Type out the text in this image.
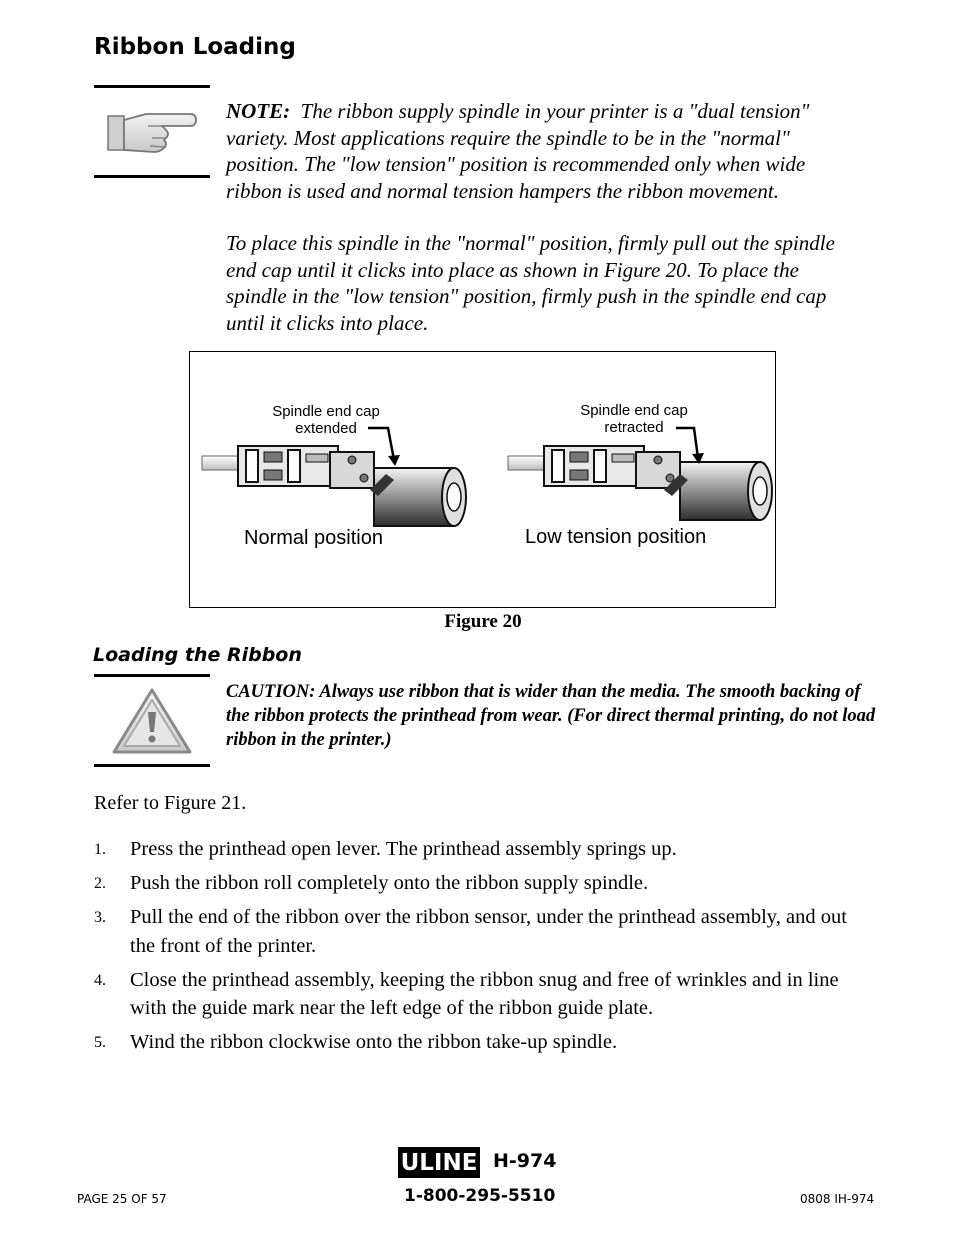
Ribbon Loading

NOTE: The ribbon supply spindle in your printer is a "dual tension" variety. Most applications require the spindle to be in the "normal" position. The "low tension" position is recommended only when wide ribbon is used and normal tension hampers the ribbon movement.

To place this spindle in the "normal" position, firmly pull out the spindle end cap until it clicks into place as shown in Figure 20. To place the spindle in the "low tension" position, firmly push in the spindle end cap until it clicks into place.

Spindle end cap
extended
Spindle end cap
retracted
Normal position	Low tension position
Figure 20
Loading the Ribbon
CAUTION: Always use ribbon that is wider than the media. The smooth backing of the ribbon protects the printhead from wear. (For direct thermal printing, do not load ribbon in the printer.)
Refer to Figure 21.
1. Press the printhead open lever. The printhead assembly springs up.
2. Push the ribbon roll completely onto the ribbon supply spindle.
3. Pull the end of the ribbon over the ribbon sensor, under the printhead assembly, and out the front of the printer.
4. Close the printhead assembly, keeping the ribbon snug and free of wrinkles and in line with the guide mark near the left edge of the ribbon guide plate.
5. Wind the ribbon clockwise onto the ribbon take-up spindle.
ULINE H-974
1-800-295-5510
PAGE 25 OF 57	0808 IH-974
